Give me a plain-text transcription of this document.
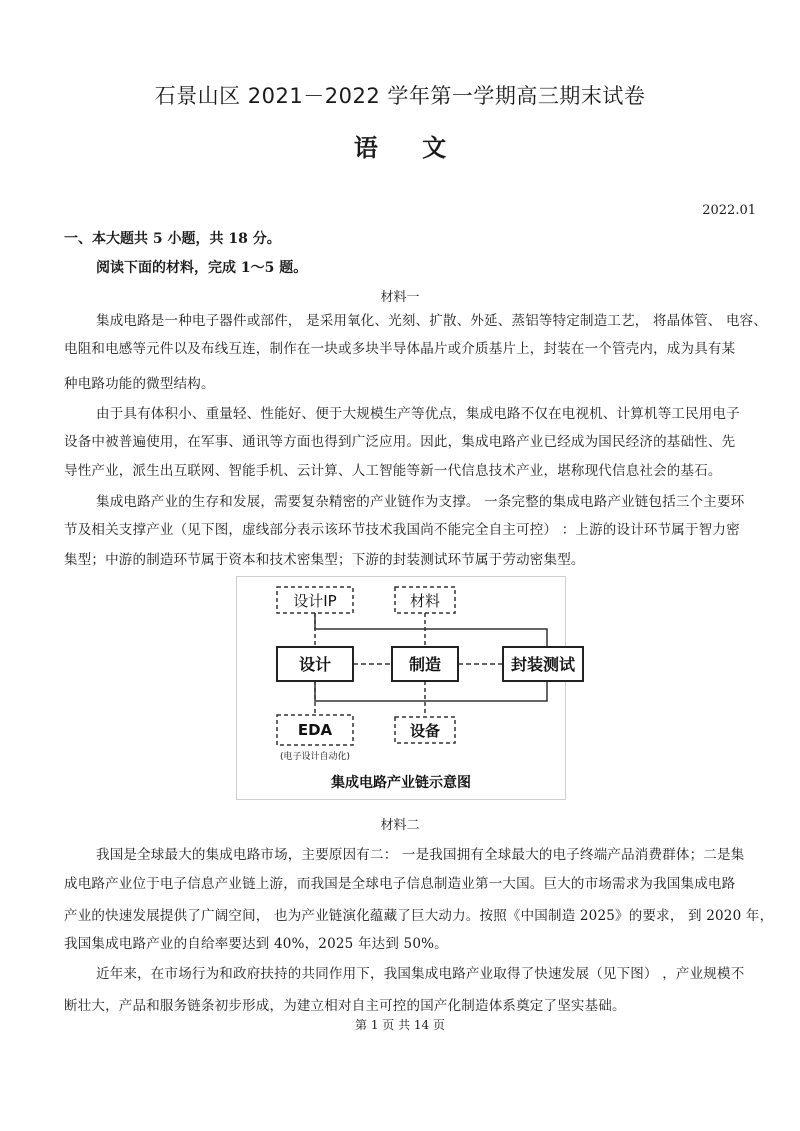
石景山区 2021－2022 学年第一学期高三期末试卷
语 文
2022.01
一、本大题共 5 小题，共 18 分。
阅读下面的材料，完成 1～5 题。
材料一
集成电路是一种电子器件或部件， 是采用氧化、光刻、扩散、外延、蒸铝等特定制造工艺， 将晶体管、 电容、
电阻和电感等元件以及布线互连，制作在一块或多块半导体晶片或介质基片上，封装在一个管壳内，成为具有某
种电路功能的微型结构。
由于具有体积小、重量轻、性能好、便于大规模生产等优点，集成电路不仅在电视机、计算机等工民用电子
设备中被普遍使用，在军事、通讯等方面也得到广泛应用。因此，集成电路产业已经成为国民经济的基础性、先
导性产业，派生出互联网、智能手机、云计算、人工智能等新一代信息技术产业，堪称现代信息社会的基石。
集成电路产业的生存和发展，需要复杂精密的产业链作为支撑。 一条完整的集成电路产业链包括三个主要环
节及相关支撑产业（见下图，虚线部分表示该环节技术我国尚不能完全自主可控） ：上游的设计环节属于智力密
集型；中游的制造环节属于资本和技术密集型；下游的封装测试环节属于劳动密集型。
设计IP	材料
设计	制造	封装测试
EDA
(电子设计自动化)
设备
集成电路产业链示意图
材料二
我国是全球最大的集成电路市场，主要原因有二： 一是我国拥有全球最大的电子终端产品消费群体；二是集
成电路产业位于电子信息产业链上游，而我国是全球电子信息制造业第一大国。巨大的市场需求为我国集成电路
产业的快速发展提供了广阔空间， 也为产业链演化蕴藏了巨大动力。按照《中国制造 2025》的要求， 到 2020 年，
我国集成电路产业的自给率要达到 40%，2025 年达到 50%。
近年来，在市场行为和政府扶持的共同作用下，我国集成电路产业取得了快速发展（见下图） ，产业规模不
断壮大，产品和服务链条初步形成，为建立相对自主可控的国产化制造体系奠定了坚实基础。
第 1 页 共 14 页
